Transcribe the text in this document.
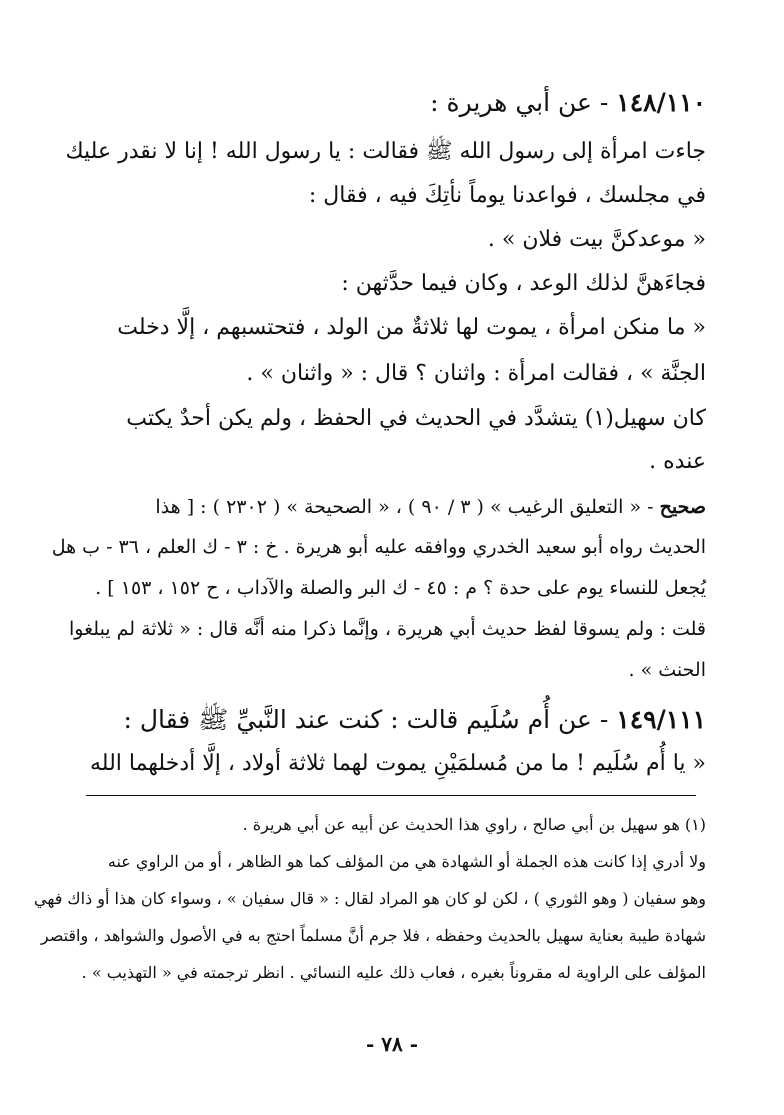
١٤٨/١١٠ - عن أبي هريرة :
جاءت امرأة إلى رسول الله ﷺ فقالت : يا رسول الله ! إنا لا نقدر عليك
في مجلسك ، فواعدنا يوماً نأتِكَ فيه ، فقال :
« موعدكنَّ بيت فلان » .
فجاءَهنَّ لذلك الوعد ، وكان فيما حدَّثهن :
« ما منكن امرأة ، يموت لها ثلاثةٌ من الولد ، فتحتسبهم ، إلَّا دخلت
الجنَّة » ، فقالت امرأة : واثنان ؟ قال : « واثنان » .
كان سهيل(١) يتشدَّد في الحديث في الحفظ ، ولم يكن أحدٌ يكتب
عنده .
صحيح - « التعليق الرغيب » ( ٣ / ٩٠ ) ، « الصحيحة » ( ٢٣٠٢ ) : [ هذا
الحديث رواه أبو سعيد الخدري ووافقه عليه أبو هريرة . خ : ٣ - ك العلم ، ٣٦ - ب هل
يُجعل للنساء يوم على حدة ؟ م : ٤٥ - ك البر والصلة والآداب ، ح ١٥٢ ، ١٥٣ ] .
قلت : ولم يسوقا لفظ حديث أبي هريرة ، وإنَّما ذكرا منه أنَّه قال : « ثلاثة لم يبلغوا
الحنث » .
١٤٩/١١١ - عن أُم سُلَيم قالت : كنت عند النَّبيِّ ﷺ فقال :
« يا أُم سُلَيم ! ما من مُسلمَيْنِ يموت لهما ثلاثة أولاد ، إلَّا أدخلهما الله
(١) هو سهيل بن أبي صالح ، راوي هذا الحديث عن أبيه عن أبي هريرة .
ولا أدري إذا كانت هذه الجملة أو الشهادة هي من المؤلف كما هو الظاهر ، أو من الراوي عنه
وهو سفيان ( وهو الثوري ) ، لكن لو كان هو المراد لقال : « قال سفيان » ، وسواء كان هذا أو ذاك فهي
شهادة طيبة بعناية سهيل بالحديث وحفظه ، فلا جرم أنَّ مسلماً احتج به في الأصول والشواهد ، واقتصر
المؤلف على الراوية له مقروناً بغيره ، فعاب ذلك عليه النسائي . انظر ترجمته في « التهذيب » .
- ٧٨ -
